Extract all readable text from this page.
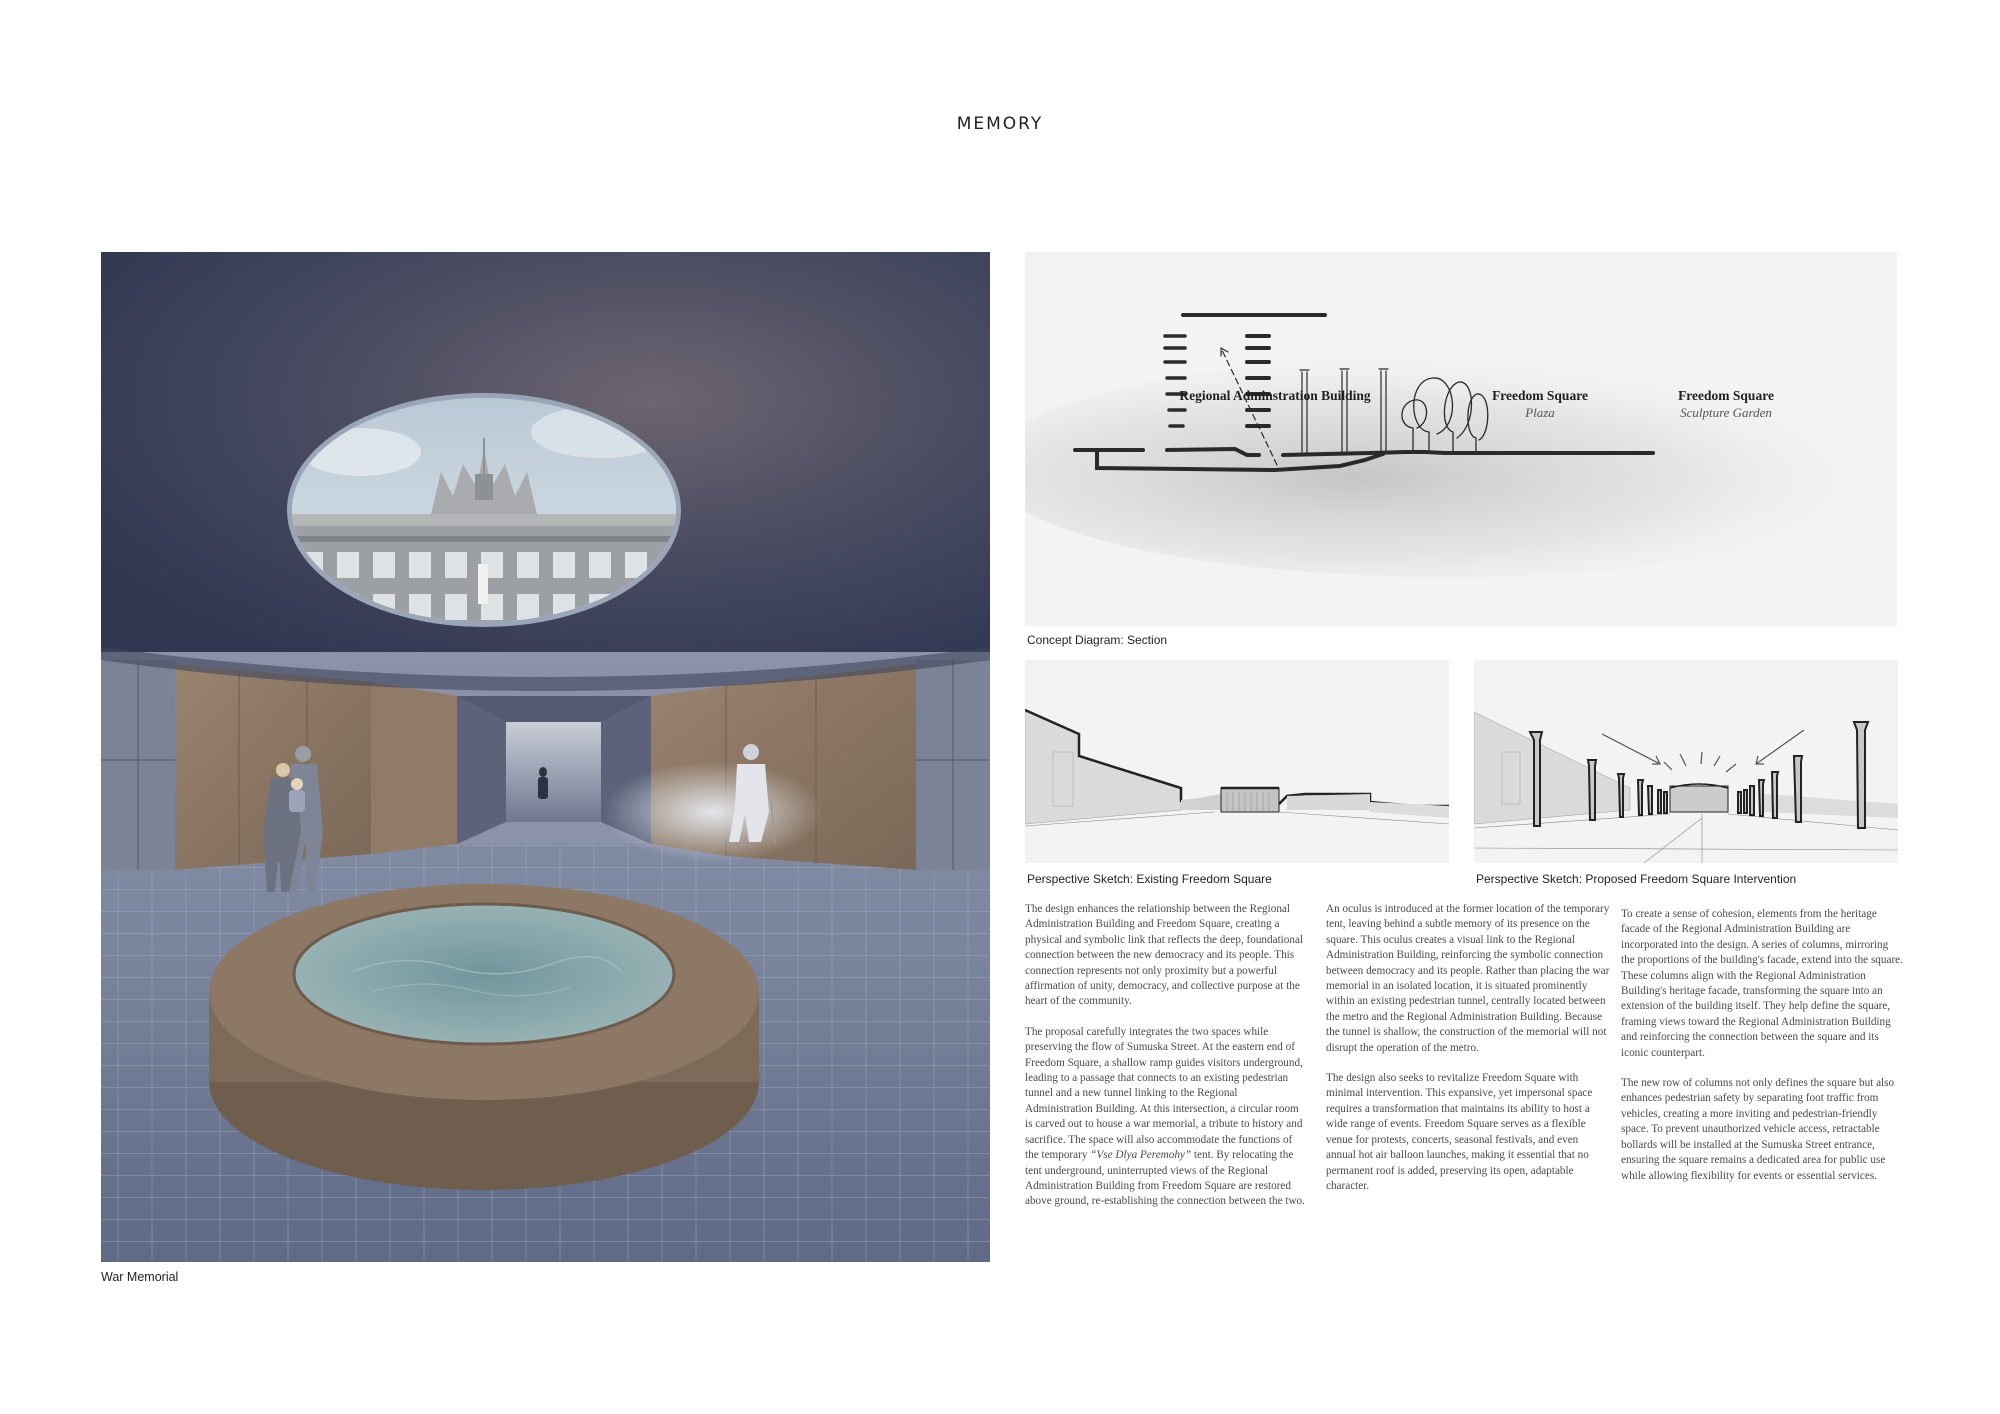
MEMORY
War Memorial
Regional Adminstration Building	Freedom Square
Plaza
Freedom Square
Sculpture Garden
Concept Diagram: Section
Perspective Sketch: Existing Freedom Square	Perspective Sketch: Proposed Freedom Square Intervention

The design enhances the relationship between the Regional Administration Building and Freedom Square, creating a physical and symbolic link that reflects the deep, foundational connection between the new democracy and its people. This connection represents not only proximity but a powerful affirmation of unity, democracy, and collective purpose at the heart of the community.

The proposal carefully integrates the two spaces while preserving the flow of Sumuska Street. At the eastern end of Freedom Square, a shallow ramp guides visitors underground, leading to a passage that connects to an existing pedestrian tunnel and a new tunnel linking to the Regional Administration Building. At this intersection, a circular room is carved out to house a war memorial, a tribute to history and sacrifice. The space will also accommodate the functions of the temporary “Vse Dlya Peremohy” tent. By relocating the tent underground, uninterrupted views of the Regional Administration Building from Freedom Square are restored above ground, re-establishing the connection between the two.

An oculus is introduced at the former location of the temporary tent, leaving behind a subtle memory of its presence on the square. This oculus creates a visual link to the Regional Administration Building, reinforcing the symbolic connection between democracy and its people. Rather than placing the war memorial in an isolated location, it is situated prominently within an existing pedestrian tunnel, centrally located between the metro and the Regional Administration Building. Because the tunnel is shallow, the construction of the memorial will not disrupt the operation of the metro.

The design also seeks to revitalize Freedom Square with minimal intervention. This expansive, yet impersonal space requires a transformation that maintains its ability to host a wide range of events. Freedom Square serves as a flexible venue for protests, concerts, seasonal festivals, and even annual hot air balloon launches, making it essential that no permanent roof is added, preserving its open, adaptable character.

To create a sense of cohesion, elements from the heritage facade of the Regional Administration Building are incorporated into the design. A series of columns, mirroring the proportions of the building's facade, extend into the square. These columns align with the Regional Administration Building's heritage facade, transforming the square into an extension of the building itself. They help define the square, framing views toward the Regional Administration Building and reinforcing the connection between the square and its iconic counterpart.

The new row of columns not only defines the square but also enhances pedestrian safety by separating foot traffic from vehicles, creating a more inviting and pedestrian-friendly space. To prevent unauthorized vehicle access, retractable bollards will be installed at the Sumuska Street entrance, ensuring the square remains a dedicated area for public use while allowing flexibility for events or essential services.
